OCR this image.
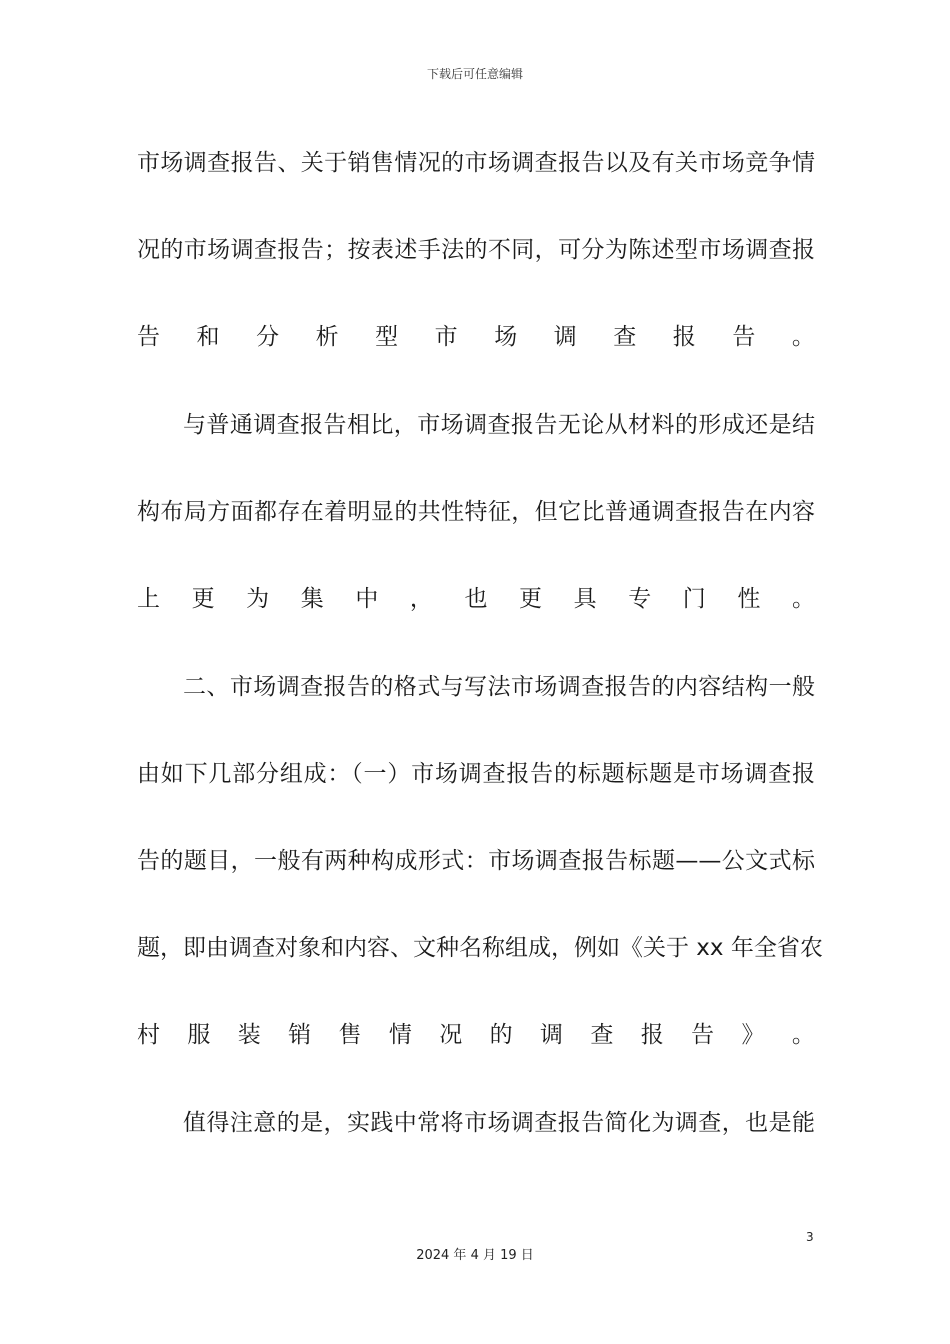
下载后可任意编辑
市场调查报告、关于销售情况的市场调查报告以及有关市场竞争情
况的市场调查报告；按表述手法的不同，可分为陈述型市场调查报
告 和 分 析 型 市 场 调 查 报 告 。
与普通调查报告相比，市场调查报告无论从材料的形成还是结
构布局方面都存在着明显的共性特征，但它比普通调查报告在内容
上 更 为 集 中 ， 也 更 具 专 门 性 。
二、市场调查报告的格式与写法市场调查报告的内容结构一般
由如下几部分组成：（一）市场调查报告的标题标题是市场调查报
告的题目，一般有两种构成形式：市场调查报告标题——公文式标
题，即由调查对象和内容、文种名称组成，例如《关于 xx 年全省农
村 服 装 销 售 情 况 的 调 查 报 告 》 。
值得注意的是，实践中常将市场调查报告简化为调查，也是能
3
2024 年 4 月 19 日
